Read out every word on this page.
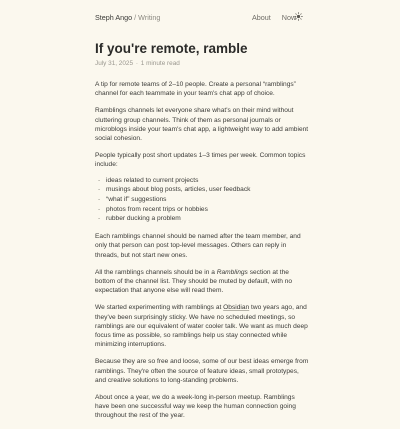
Steph Ango / Writing	About Now
If you're remote, ramble
July 31, 2025 · 1 minute read

A tip for remote teams of 2–10 people. Create a personal “ramblings” channel for each teammate in your team's chat app of choice.

Ramblings channels let everyone share what's on their mind without cluttering group channels. Think of them as personal journals or microblogs inside your team's chat app, a lightweight way to add ambient social cohesion.

People typically post short updates 1–3 times per week. Common topics include:

- ideas related to current projects
- musings about blog posts, articles, user feedback
- “what if” suggestions
- photos from recent trips or hobbies
- rubber ducking a problem

Each ramblings channel should be named after the team member, and only that person can post top-level messages. Others can reply in threads, but not start new ones.

All the ramblings channels should be in a Ramblings section at the bottom of the channel list. They should be muted by default, with no expectation that anyone else will read them.

We started experimenting with ramblings at Obsidian two years ago, and they've been surprisingly sticky. We have no scheduled meetings, so ramblings are our equivalent of water cooler talk. We want as much deep focus time as possible, so ramblings help us stay connected while minimizing interruptions.

Because they are so free and loose, some of our best ideas emerge from ramblings. They're often the source of feature ideas, small prototypes, and creative solutions to long-standing problems.

About once a year, we do a week-long in-person meetup. Ramblings have been one successful way we keep the human connection going throughout the rest of the year.
